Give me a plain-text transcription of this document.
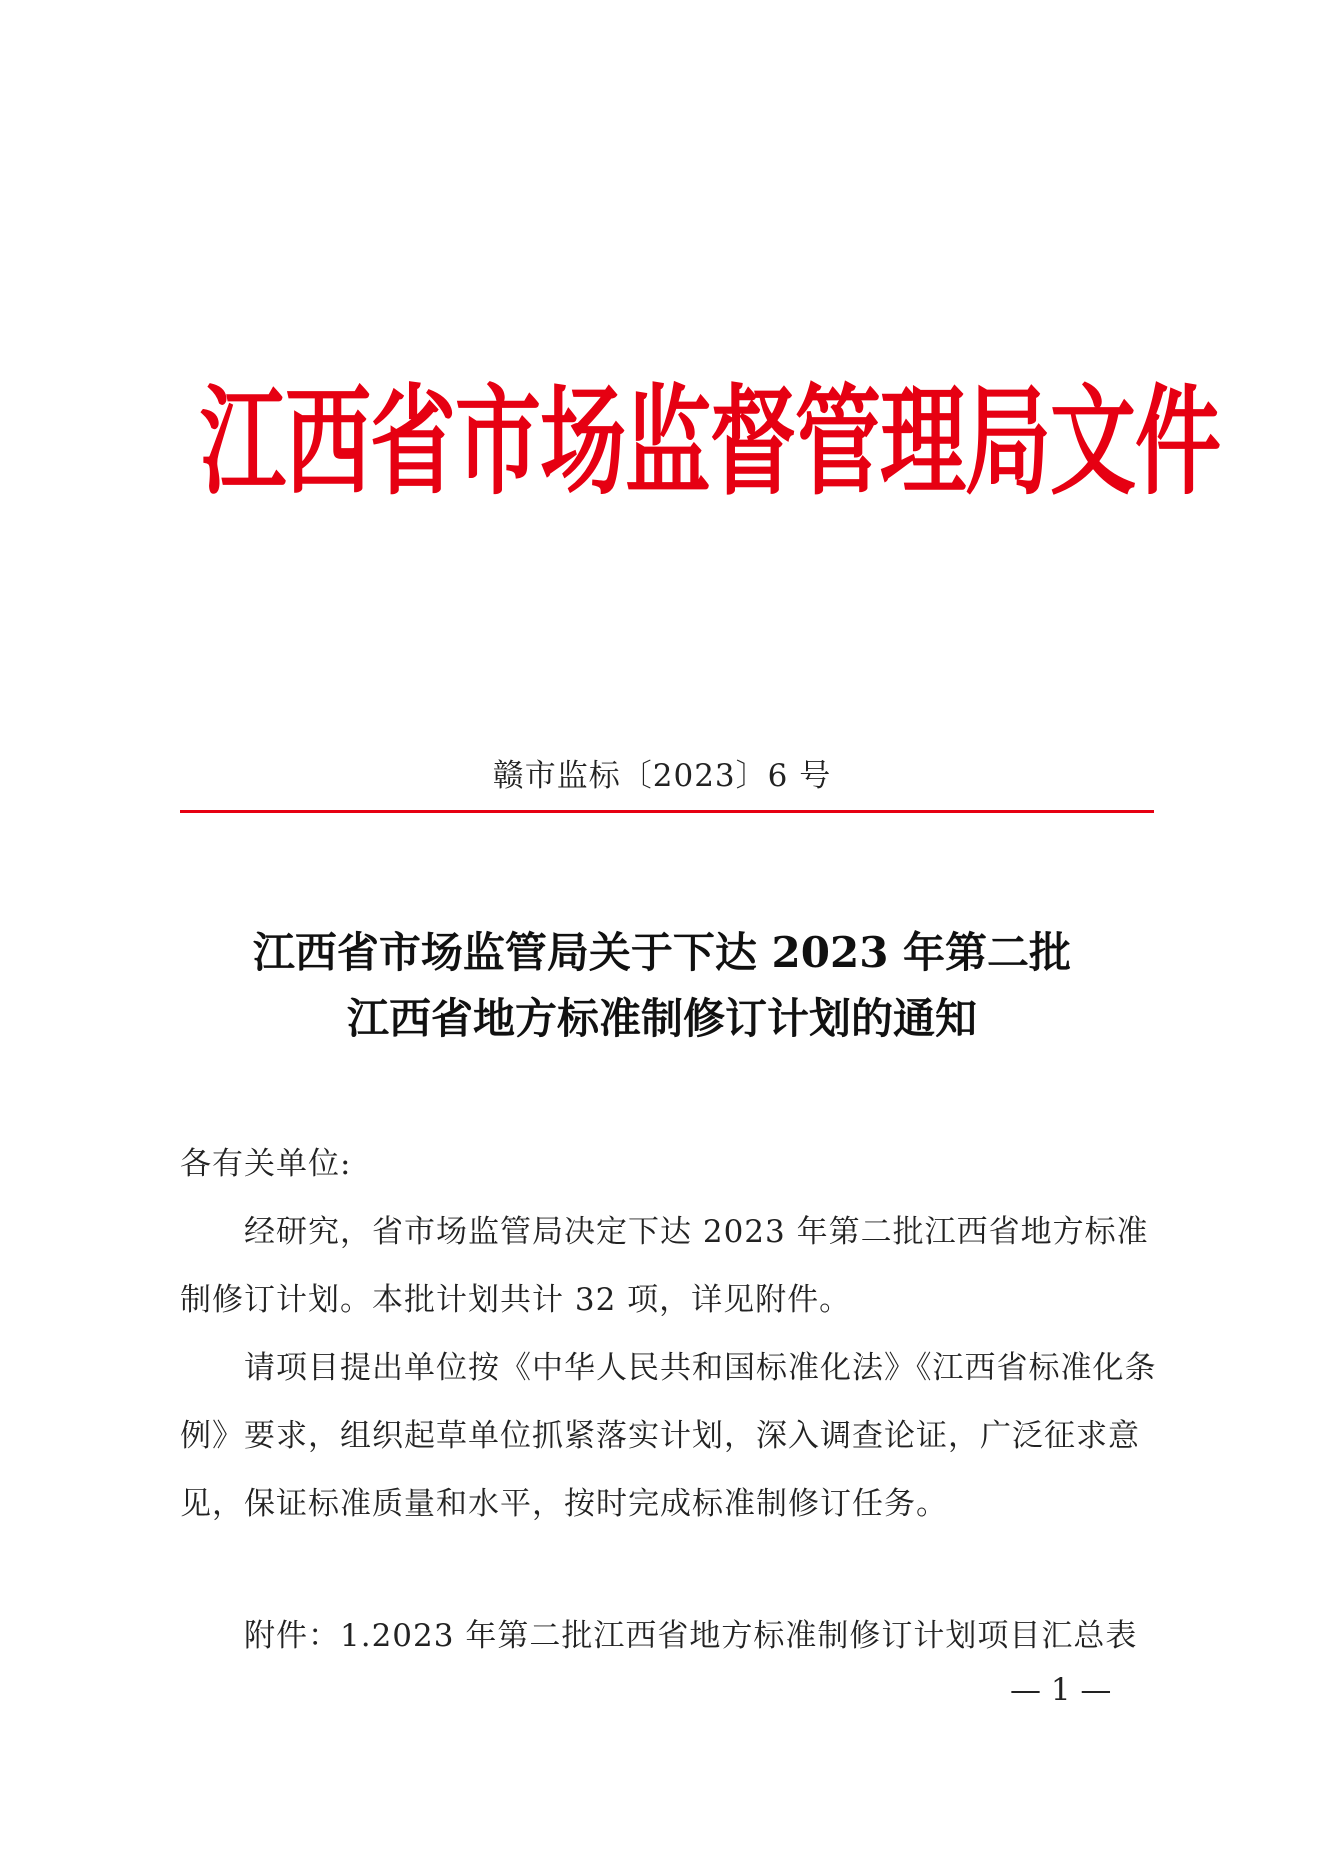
江西省市场监督管理局文件
赣市监标〔2023〕6 号
江西省市场监管局关于下达 2023 年第二批
江西省地方标准制修订计划的通知
各有关单位:
经研究，省市场监管局决定下达 2023 年第二批江西省地方标准制修订计划。本批计划共计 32 项，详见附件。
请项目提出单位按《中华人民共和国标准化法》《江西省标准化条例》要求，组织起草单位抓紧落实计划，深入调查论证，广泛征求意见，保证标准质量和水平，按时完成标准制修订任务。
附件：1.2023 年第二批江西省地方标准制修订计划项目汇总表
— 1 —
